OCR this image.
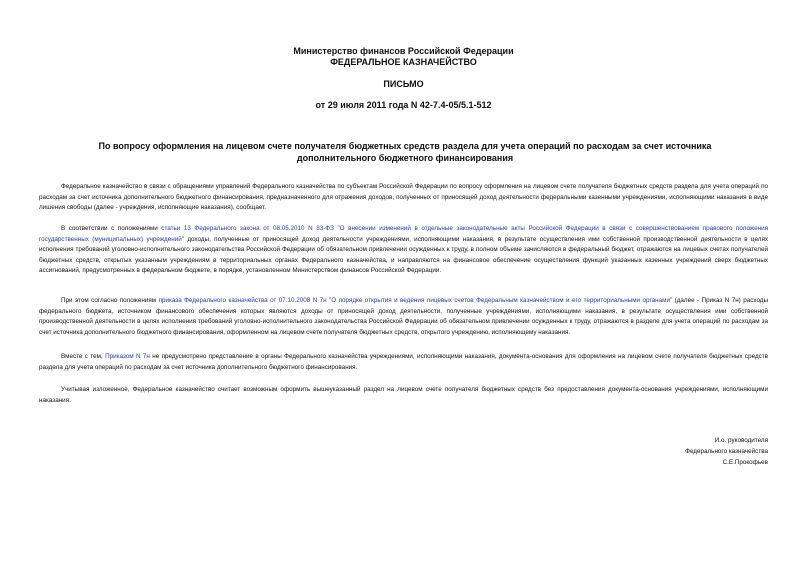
Министерство финансов Российской Федерации
ФЕДЕРАЛЬНОЕ КАЗНАЧЕЙСТВО
ПИСЬМО
от 29 июля 2011 года N 42-7.4-05/5.1-512
По вопросу оформления на лицевом счете получателя бюджетных средств раздела для учета операций по расходам за счет источника дополнительного бюджетного финансирования

Федеральное казначейство в связи с обращениями управлений Федерального казначейства по субъектам Российской Федерации по вопросу оформления на лицевом счете получателя бюджетных средств раздела для учета операций по расходам за счет источника дополнительного бюджетного финансирования, предназначенного для отражения доходов, полученных от приносящей доход деятельности федеральными казенными учреждениями, исполняющими наказания в виде лишения свободы (далее - учреждения, исполняющие наказания), сообщает.

В соответствии с положениями статьи 13 Федерального закона от 08.05.2010 N 83-ФЗ "О внесении изменений в отдельные законодательные акты Российской Федерации в связи с совершенствованием правового положения государственных (муниципальных) учреждений" доходы, полученные от приносящей доход деятельности учреждениями, исполняющими наказания, в результате осуществления ими собственной производственной деятельности в целях исполнения требований уголовно-исполнительного законодательства Российской Федерации об обязательном привлечении осужденных к труду, в полном объеме зачисляются в федеральный бюджет, отражаются на лицевых счетах получателей бюджетных средств, открытых указанным учреждениям в территориальных органах Федерального казначейства, и направляются на финансовое обеспечение осуществления функций указанных казенных учреждений сверх бюджетных ассигнований, предусмотренных в федеральном бюджете, в порядке, установленном Министерством финансов Российской Федерации.

При этом согласно положениям приказа Федерального казначейства от 07.10.2008 N 7н "О порядке открытия и ведения лицевых счетов Федеральным казначейством и его территориальными органами" (далее - Приказ N 7н) расходы федерального бюджета, источником финансового обеспечения которых являются доходы от приносящей доход деятельности, полученные учреждениями, исполняющими наказания, в результате осуществления ими собственной производственной деятельности в целях исполнения требований уголовно-исполнительного законодательства Российской Федерации об обязательном привлечении осужденных к труду, отражаются в разделе для учета операций по расходам за счет источника дополнительного бюджетного финансирования, оформленном на лицевом счете получателя бюджетных средств, открытого учреждению, исполняющему наказания.

Вместе с тем, Приказом N 7н не предусмотрено представление в органы Федерального казначейства учреждениями, исполняющими наказания, документа-основания для оформления на лицевом счете получателя бюджетных средств раздела для учета операций по расходам за счет источника дополнительного бюджетного финансирования.

Учитывая изложенное, Федеральное казначейство считает возможным оформить вышеуказанный раздел на лицевом счете получателя бюджетных средств без предоставления документа-основания учреждениями, исполняющими наказания.

И.о. руководителя
Федерального казначейства
С.Е.Прокофьев
